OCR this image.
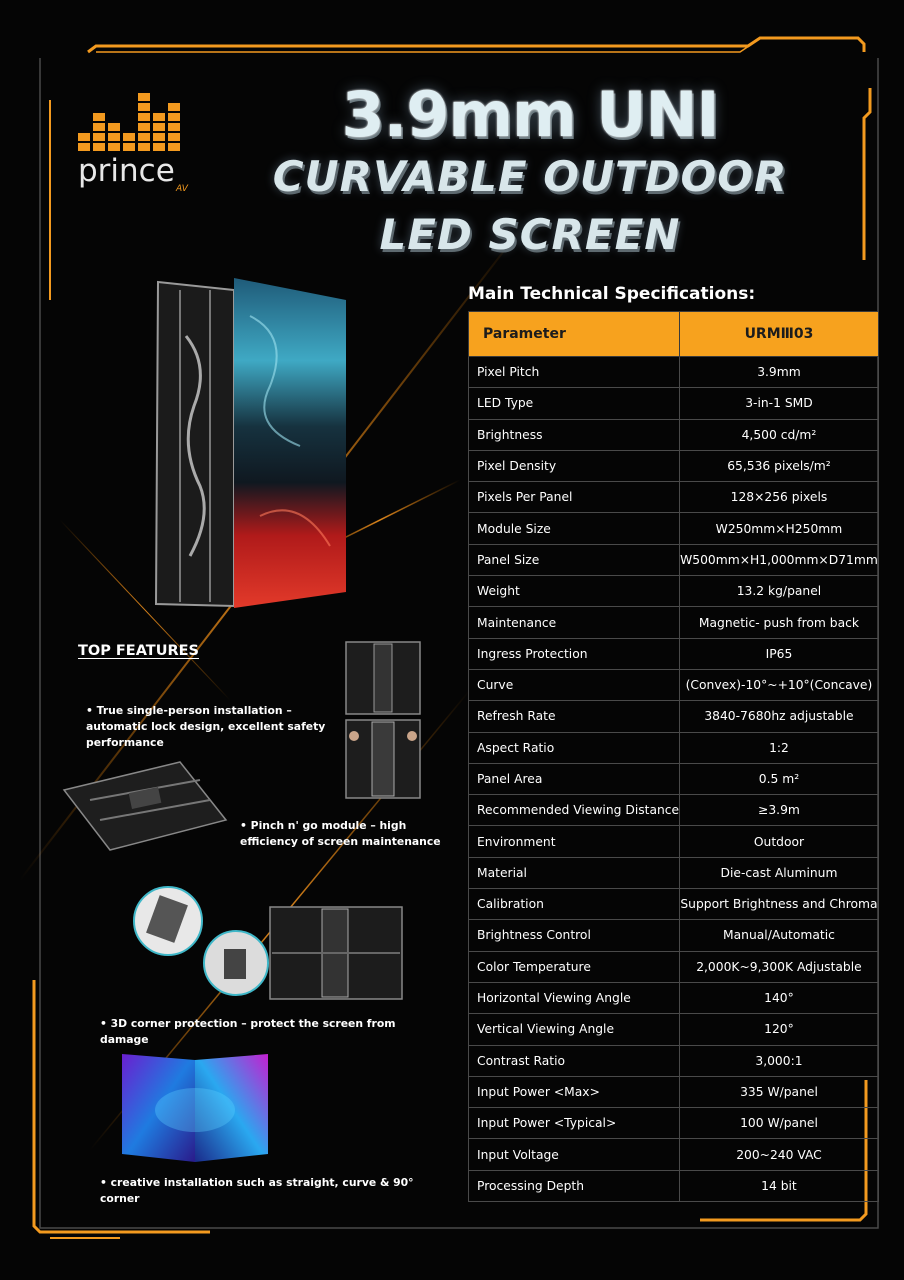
prince AV
3.9mm UNI
CURVABLE OUTDOOR
LED SCREEN
Main Technical Specifications:
Parameter	URMⅢ03
Pixel Pitch	3.9mm
LED Type	3-in-1 SMD
Brightness	4,500 cd/m²
Pixel Density	65,536 pixels/m²
Pixels Per Panel	128×256 pixels
Module Size	W250mm×H250mm
Panel Size	W500mm×H1,000mm×D71mm
Weight	13.2 kg/panel
Maintenance	Magnetic- push from back
Ingress Protection	IP65
Curve	(Convex)-10°~+10°(Concave)
Refresh Rate	3840-7680hz adjustable
Aspect Ratio	1:2
Panel Area	0.5 m²
Recommended Viewing Distance	≥3.9m
Environment	Outdoor
Material	Die-cast Aluminum
Calibration	Support Brightness and Chroma
Brightness Control	Manual/Automatic
Color Temperature	2,000K~9,300K Adjustable
Horizontal Viewing Angle	140°
Vertical Viewing Angle	120°
Contrast Ratio	3,000:1
Input Power <Max>	335 W/panel
Input Power <Typical>	100 W/panel
Input Voltage	200~240 VAC
Processing Depth	14 bit
TOP FEATURES
• True single-person installation – automatic lock design, excellent safety performance
• Pinch n' go module – high efficiency of screen maintenance
• 3D corner protection – protect the screen from damage
• creative installation such as straight, curve & 90° corner
